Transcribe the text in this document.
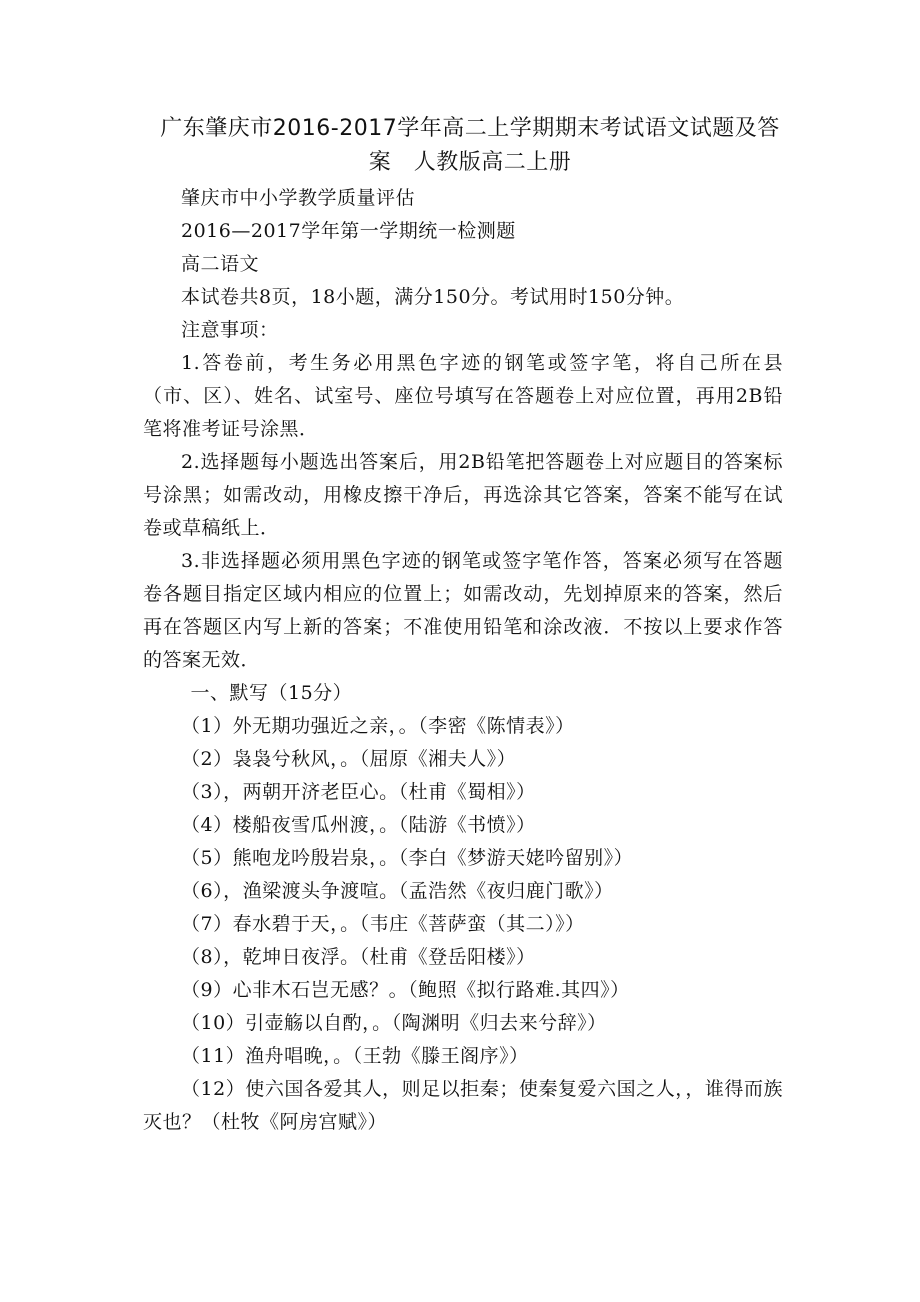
广东肇庆市2016-2017学年高二上学期期末考试语文试题及答
案　人教版高二上册

肇庆市中小学教学质量评估

2016—2017学年第一学期统一检测题

高二语文

本试卷共8页，18小题，满分150分。考试用时150分钟。

注意事项：

1.答卷前，考生务必用黑色字迹的钢笔或签字笔，将自己所在县（市、区）、姓名、试室号、座位号填写在答题卷上对应位置，再用2B铅笔将准考证号涂黑．

2.选择题每小题选出答案后，用2B铅笔把答题卷上对应题目的答案标号涂黑；如需改动，用橡皮擦干净后，再选涂其它答案，答案不能写在试卷或草稿纸上．

3.非选择题必须用黑色字迹的钢笔或签字笔作答，答案必须写在答题卷各题目指定区域内相应的位置上；如需改动，先划掉原来的答案，然后再在答题区内写上新的答案；不准使用铅笔和涂改液．不按以上要求作答的答案无效．

一、默写（15分）

（1）外无期功强近之亲，。（李密《陈情表》）

（2）袅袅兮秋风，。（屈原《湘夫人》）

（3），两朝开济老臣心。（杜甫《蜀相》）

（4）楼船夜雪瓜州渡，。（陆游《书愤》）

（5）熊咆龙吟殷岩泉，。（李白《梦游天姥吟留别》）

（6），渔梁渡头争渡喧。（孟浩然《夜归鹿门歌》）

（7）春水碧于天，。（韦庄《菩萨蛮（其二）》）

（8），乾坤日夜浮。（杜甫《登岳阳楼》）

（9）心非木石岂无感？。（鲍照《拟行路难.其四》）

（10）引壶觞以自酌，。（陶渊明《归去来兮辞》）

（11）渔舟唱晚，。（王勃《滕王阁序》）

（12）使六国各爱其人，则足以拒秦；使秦复爱六国之人，，谁得而族灭也？（杜牧《阿房宫赋》）
